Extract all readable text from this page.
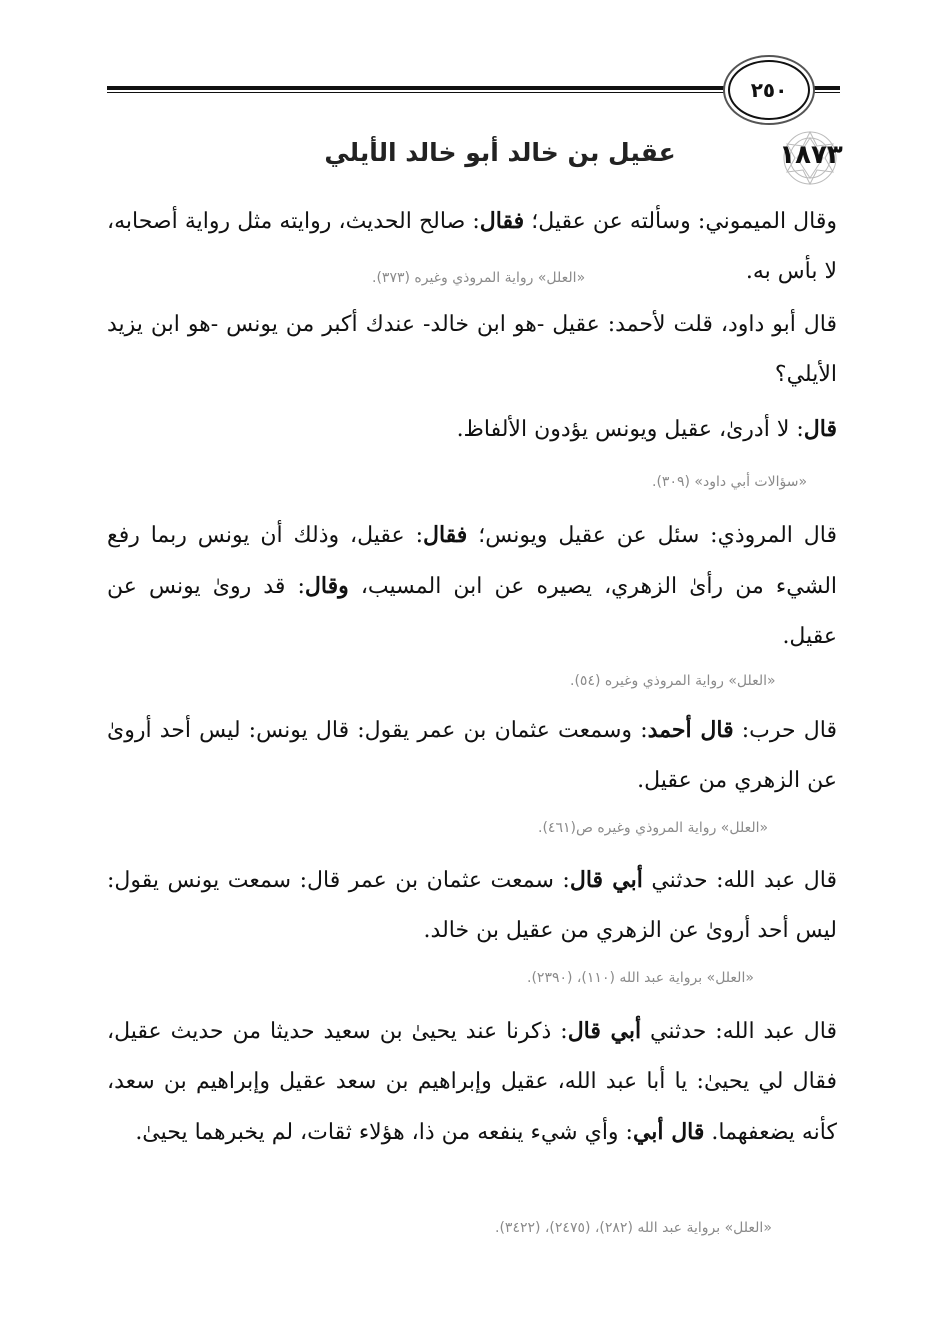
٢٥٠
١٨٧٣
عقيل بن خالد أبو خالد الأيلي
وقال الميموني: وسألته عن عقيل؛ فقال: صالح الحديث، روايته مثل رواية أصحابه، لا بأس به.
«العلل» رواية المروذي وغيره (٣٧٣).
قال أبو داود، قلت لأحمد: عقيل -هو ابن خالد- عندك أكبر من يونس -هو ابن يزيد الأيلي؟
قال: لا أدرىٰ، عقيل ويونس يؤدون الألفاظ.
«سؤالات أبي داود» (٣٠٩).
قال المروذي: سئل عن عقيل ويونس؛ فقال: عقيل، وذلك أن يونس ربما رفع الشيء من رأىٰ الزهري، يصيره عن ابن المسيب، وقال: قد روىٰ يونس عن عقيل.
«العلل» رواية المروذي وغيره (٥٤).
قال حرب: قال أحمد: وسمعت عثمان بن عمر يقول: قال يونس: ليس أحد أروىٰ عن الزهري من عقيل.
«العلل» رواية المروذي وغيره ص(٤٦١).
قال عبد الله: حدثني أبي قال: سمعت عثمان بن عمر قال: سمعت يونس يقول: ليس أحد أروىٰ عن الزهري من عقيل بن خالد.
«العلل» برواية عبد الله (١١٠)، (٢٣٩٠).
قال عبد الله: حدثني أبي قال: ذكرنا عند يحيىٰ بن سعيد حديثا من حديث عقيل، فقال لي يحيىٰ: يا أبا عبد الله، عقيل وإبراهيم بن سعد عقيل وإبراهيم بن سعد، كأنه يضعفهما. قال أبي: وأي شيء ينفعه من ذا، هؤلاء ثقات، لم يخبرهما يحيىٰ.
«العلل» برواية عبد الله (٢٨٢)، (٢٤٧٥)، (٣٤٢٢).
